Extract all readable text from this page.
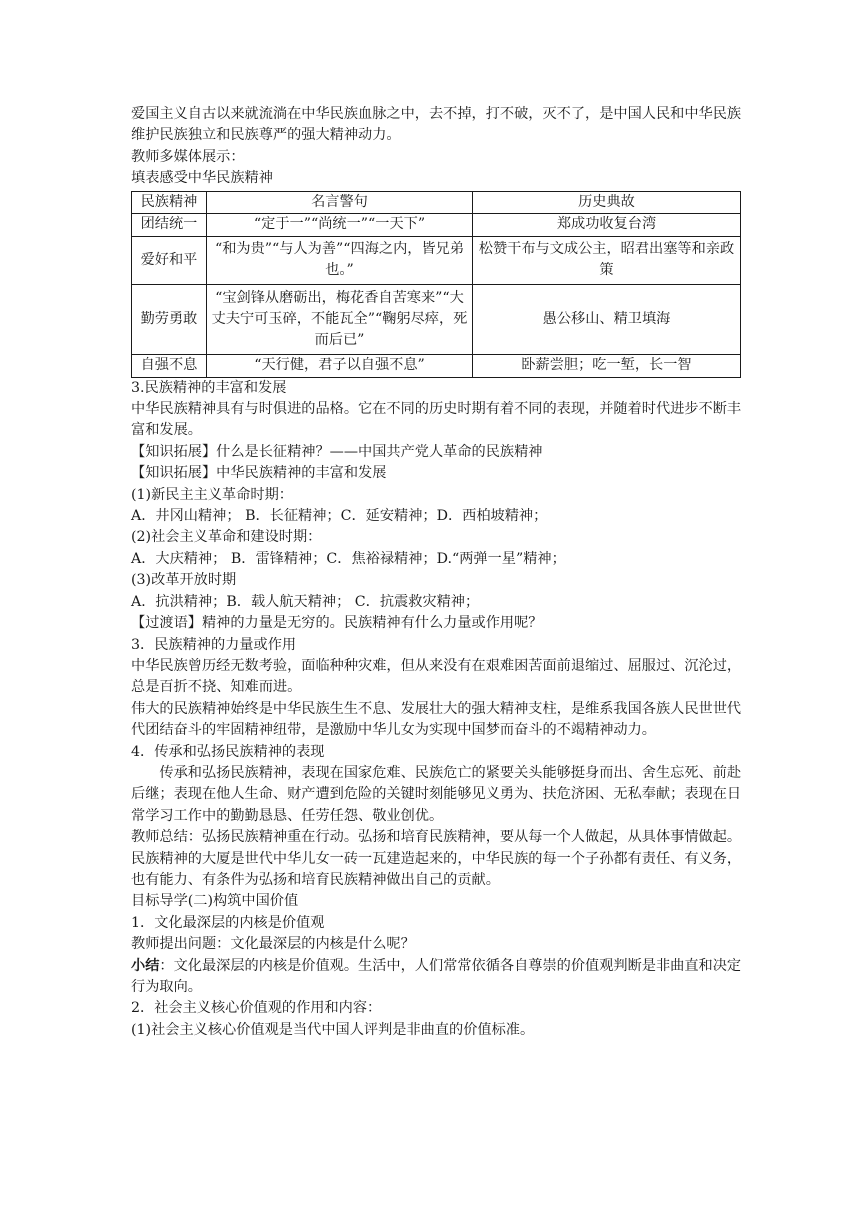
爱国主义自古以来就流淌在中华民族血脉之中，去不掉，打不破，灭不了，是中国人民和中华民族维护民族独立和民族尊严的强大精神动力。

教师多媒体展示：

填表感受中华民族精神

民族精神	名言警句	历史典故
团结统一	“定于一”“尚统一”“一天下”	郑成功收复台湾
爱好和平	“和为贵”“与人为善”“四海之内，皆兄弟也。”	松赞干布与文成公主，昭君出塞等和亲政策
勤劳勇敢	“宝剑锋从磨砺出，梅花香自苦寒来”“大丈夫宁可玉碎，不能瓦全”“鞠躬尽瘁，死而后已”	愚公移山、精卫填海
自强不息	“天行健，君子以自强不息”	卧薪尝胆；吃一堑，长一智

3.民族精神的丰富和发展

中华民族精神具有与时俱进的品格。它在不同的历史时期有着不同的表现，并随着时代进步不断丰富和发展。

【知识拓展】什么是长征精神？——中国共产党人革命的民族精神

【知识拓展】中华民族精神的丰富和发展

(1)新民主主义革命时期：

A．井冈山精神； B．长征精神；C．延安精神；D．西柏坡精神；

(2)社会主义革命和建设时期：

A．大庆精神； B．雷锋精神；C．焦裕禄精神；D.“两弹一星”精神；

(3)改革开放时期

A．抗洪精神；B．载人航天精神； C．抗震救灾精神；

【过渡语】精神的力量是无穷的。民族精神有什么力量或作用呢？

3．民族精神的力量或作用

中华民族曾历经无数考验，面临种种灾难，但从来没有在艰难困苦面前退缩过、屈服过、沉沦过，总是百折不挠、知难而进。

伟大的民族精神始终是中华民族生生不息、发展壮大的强大精神支柱，是维系我国各族人民世世代代团结奋斗的牢固精神纽带，是激励中华儿女为实现中国梦而奋斗的不竭精神动力。

4．传承和弘扬民族精神的表现

传承和弘扬民族精神，表现在国家危难、民族危亡的紧要关头能够挺身而出、舍生忘死、前赴后继；表现在他人生命、财产遭到危险的关键时刻能够见义勇为、扶危济困、无私奉献；表现在日常学习工作中的勤勤恳恳、任劳任怨、敬业创优。

教师总结：弘扬民族精神重在行动。弘扬和培育民族精神，要从每一个人做起，从具体事情做起。民族精神的大厦是世代中华儿女一砖一瓦建造起来的，中华民族的每一个子孙都有责任、有义务，也有能力、有条件为弘扬和培育民族精神做出自己的贡献。

目标导学(二)构筑中国价值

1．文化最深层的内核是价值观

教师提出问题：文化最深层的内核是什么呢？

小结：文化最深层的内核是价值观。生活中，人们常常依循各自尊崇的价值观判断是非曲直和决定行为取向。

2．社会主义核心价值观的作用和内容：

(1)社会主义核心价值观是当代中国人评判是非曲直的价值标准。
